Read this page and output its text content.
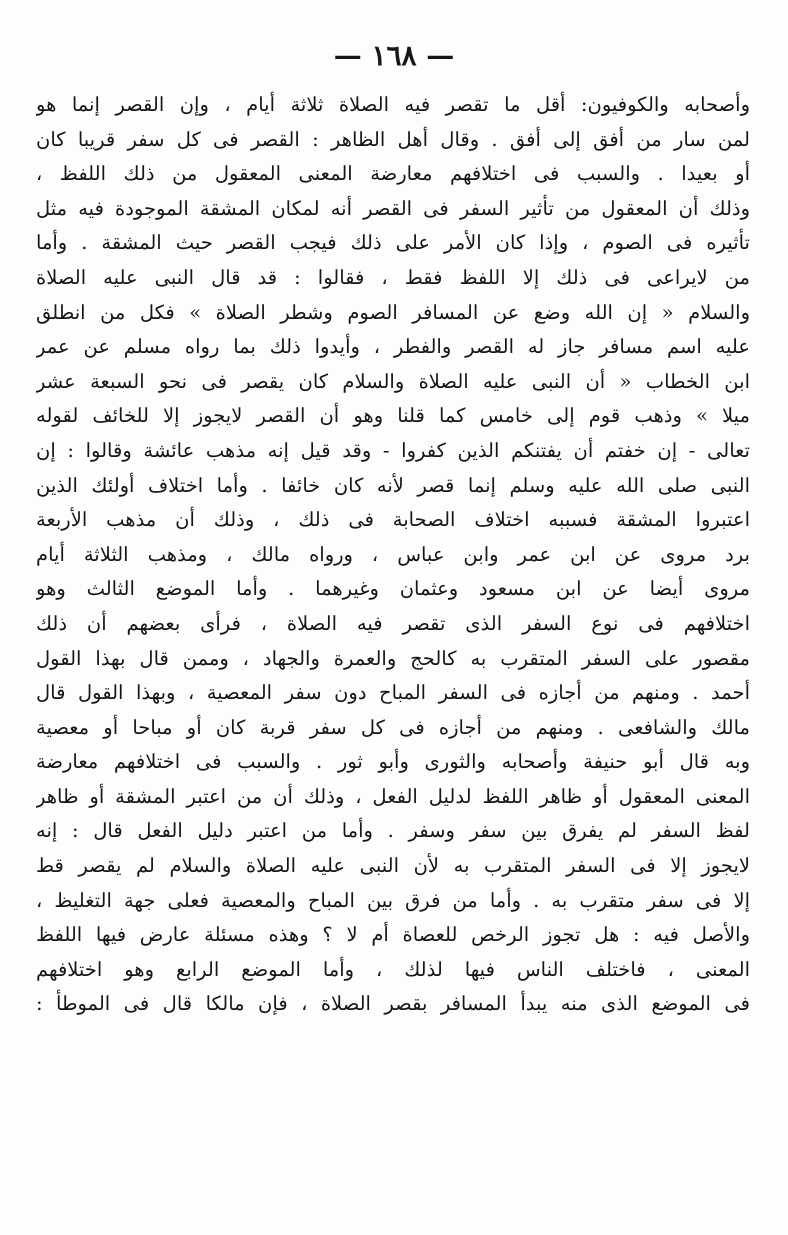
— ١٦٨ —
وأصحابه والكوفيون: أقل ما تقصر فيه الصلاة ثلاثة أيام ، وإن القصر إنما هو
لمن سار من أفق إلى أفق . وقال أهل الظاهر : القصر فى كل سفر قريبا كان
أو بعيدا . والسبب فى اختلافهم معارضة المعنى المعقول من ذلك اللفظ ،
وذلك أن المعقول من تأثير السفر فى القصر أنه لمكان المشقة الموجودة فيه مثل
تأثيره فى الصوم ، وإذا كان الأمر على ذلك فيجب القصر حيث المشقة . وأما
من لايراعى فى ذلك إلا اللفظ فقط ، فقالوا : قد قال النبى عليه الصلاة
والسلام « إن الله وضع عن المسافر الصوم وشطر الصلاة » فكل من انطلق
عليه اسم مسافر جاز له القصر والفطر ، وأيدوا ذلك بما رواه مسلم عن عمر
ابن الخطاب « أن النبى عليه الصلاة والسلام كان يقصر فى نحو السبعة عشر
ميلا » وذهب قوم إلى خامس كما قلنا وهو أن القصر لايجوز إلا للخائف لقوله
تعالى - إن خفتم أن يفتنكم الذين كفروا - وقد قيل إنه مذهب عائشة وقالوا : إن
النبى صلى الله عليه وسلم إنما قصر لأنه كان خائفا . وأما اختلاف أولئك الذين
اعتبروا المشقة فسببه اختلاف الصحابة فى ذلك ، وذلك أن مذهب الأربعة
برد مروى عن ابن عمر وابن عباس ، ورواه مالك ، ومذهب الثلاثة أيام
مروى أيضا عن ابن مسعود وعثمان وغيرهما . وأما الموضع الثالث وهو
اختلافهم فى نوع السفر الذى تقصر فيه الصلاة ، فرأى بعضهم أن ذلك
مقصور على السفر المتقرب به كالحج والعمرة والجهاد ، وممن قال بهذا القول
أحمد . ومنهم من أجازه فى السفر المباح دون سفر المعصية ، وبهذا القول قال
مالك والشافعى . ومنهم من أجازه فى كل سفر قربة كان أو مباحا أو معصية
وبه قال أبو حنيفة وأصحابه والثورى وأبو ثور . والسبب فى اختلافهم معارضة
المعنى المعقول أو ظاهر اللفظ لدليل الفعل ، وذلك أن من اعتبر المشقة أو ظاهر
لفظ السفر لم يفرق بين سفر وسفر . وأما من اعتبر دليل الفعل قال : إنه
لايجوز إلا فى السفر المتقرب به لأن النبى عليه الصلاة والسلام لم يقصر قط
إلا فى سفر متقرب به . وأما من فرق بين المباح والمعصية فعلى جهة التغليظ ،
والأصل فيه : هل تجوز الرخص للعصاة أم لا ؟ وهذه مسئلة عارض فيها اللفظ
المعنى ، فاختلف الناس فيها لذلك ، وأما الموضع الرابع وهو اختلافهم
فى الموضع الذى منه يبدأ المسافر بقصر الصلاة ، فإن مالكا قال فى الموطأ :
